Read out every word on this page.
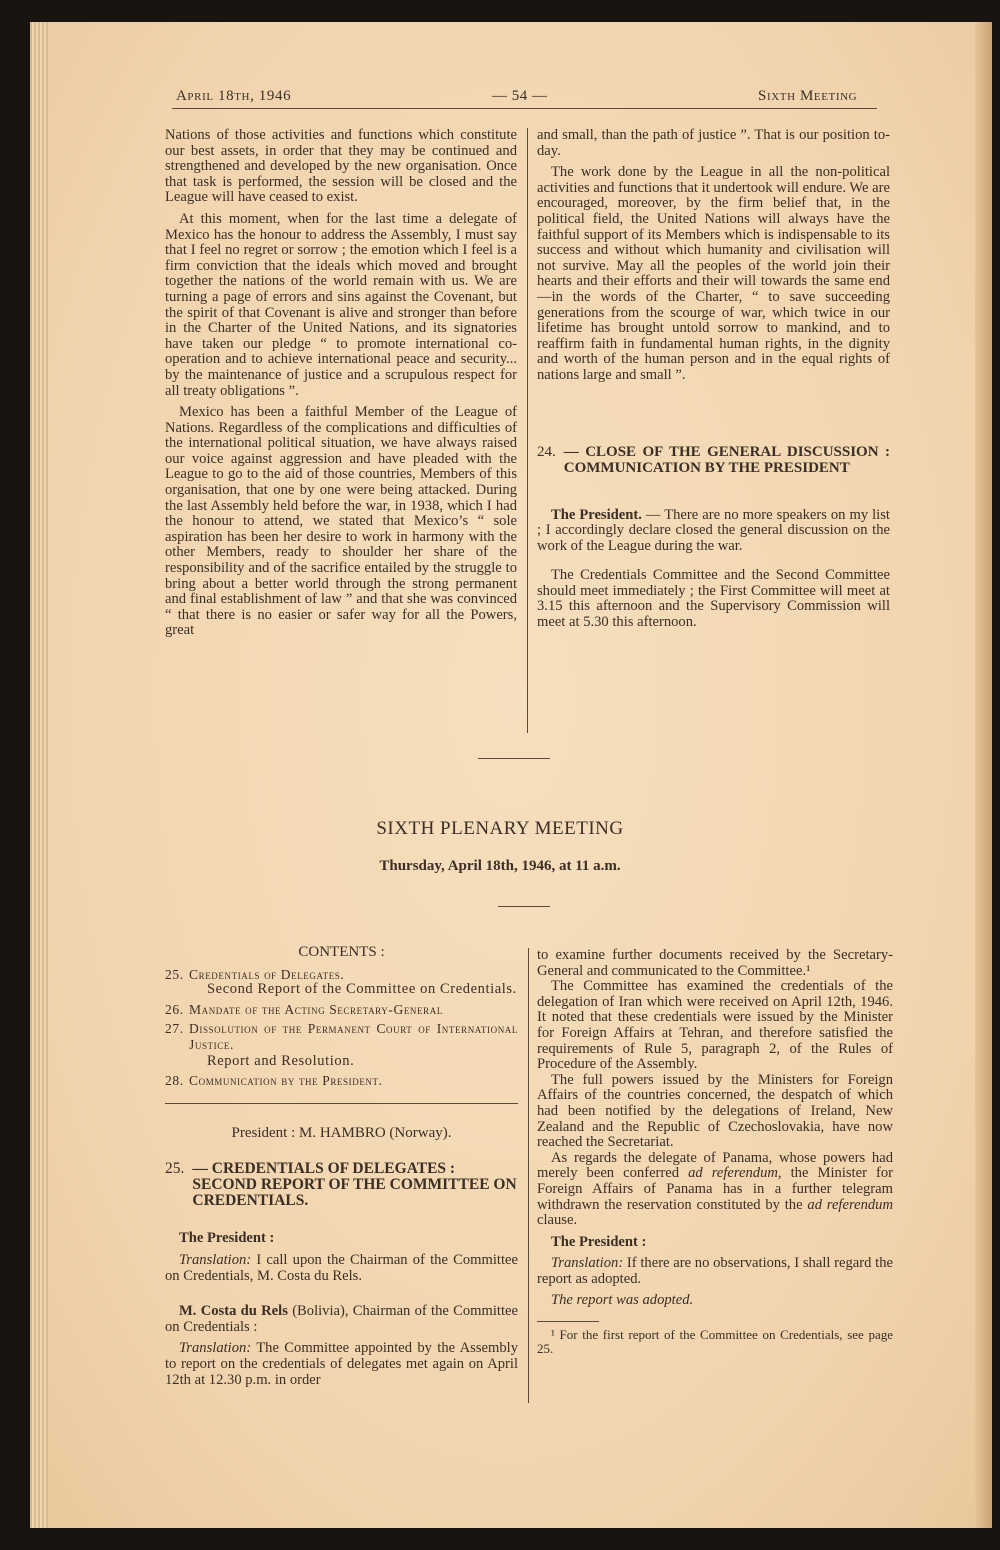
April 18th, 1946	— 54 —	Sixth Meeting

Nations of those activities and functions which constitute our best assets, in order that they may be continued and strengthened and developed by the new organisation. Once that task is performed, the session will be closed and the League will have ceased to exist.

At this moment, when for the last time a delegate of Mexico has the honour to address the Assembly, I must say that I feel no regret or sorrow ; the emotion which I feel is a firm conviction that the ideals which moved and brought together the nations of the world remain with us. We are turning a page of errors and sins against the Covenant, but the spirit of that Covenant is alive and stronger than before in the Charter of the United Nations, and its signatories have taken our pledge “ to promote international co-operation and to achieve international peace and security... by the maintenance of justice and a scrupulous respect for all treaty obligations ”.

Mexico has been a faithful Member of the League of Nations. Regardless of the complications and difficulties of the international political situation, we have always raised our voice against aggression and have pleaded with the League to go to the aid of those countries, Members of this organisation, that one by one were being attacked. During the last Assembly held before the war, in 1938, which I had the honour to attend, we stated that Mexico’s “ sole aspiration has been her desire to work in harmony with the other Members, ready to shoulder her share of the responsibility and of the sacrifice entailed by the struggle to bring about a better world through the strong permanent and final establishment of law ” and that she was convinced “ that there is no easier or safer way for all the Powers, great

and small, than the path of justice ”. That is our position to-day.

The work done by the League in all the non-political activities and functions that it undertook will endure. We are encouraged, moreover, by the firm belief that, in the political field, the United Nations will always have the faithful support of its Members which is indispensable to its success and without which humanity and civilisation will not survive. May all the peoples of the world join their hearts and their efforts and their will towards the same end—in the words of the Charter, “ to save succeeding generations from the scourge of war, which twice in our lifetime has brought untold sorrow to mankind, and to reaffirm faith in fundamental human rights, in the dignity and worth of the human person and in the equal rights of nations large and small ”.

24. — CLOSE OF THE GENERAL DISCUSSION : COMMUNICATION BY THE PRESIDENT

The President. — There are no more speakers on my list ; I accordingly declare closed the general discussion on the work of the League during the war.

The Credentials Committee and the Second Committee should meet immediately ; the First Committee will meet at 3.15 this afternoon and the Supervisory Commission will meet at 5.30 this afternoon.

SIXTH PLENARY MEETING
Thursday, April 18th, 1946, at 11 a.m.
CONTENTS :
25. Credentials of Delegates.

Second Report of the Committee on Credentials.
26. Mandate of the Acting Secretary-General
27. Dissolution of the Permanent Court of International Justice.
Report and Resolution.
28. Communication by the President.
President : M. HAMBRO (Norway).
25. — CREDENTIALS OF DELEGATES : SECOND REPORT OF THE COMMITTEE ON CREDENTIALS.

The President :

Translation: I call upon the Chairman of the Committee on Credentials, M. Costa du Rels.

M. Costa du Rels (Bolivia), Chairman of the Committee on Credentials :

Translation: The Committee appointed by the Assembly to report on the credentials of delegates met again on April 12th at 12.30 p.m. in order

to examine further documents received by the Secretary-General and communicated to the Committee.¹

The Committee has examined the credentials of the delegation of Iran which were received on April 12th, 1946. It noted that these credentials were issued by the Minister for Foreign Affairs at Tehran, and therefore satisfied the requirements of Rule 5, paragraph 2, of the Rules of Procedure of the Assembly.

The full powers issued by the Ministers for Foreign Affairs of the countries concerned, the despatch of which had been notified by the delegations of Ireland, New Zealand and the Republic of Czechoslovakia, have now reached the Secretariat.

As regards the delegate of Panama, whose powers had merely been conferred ad referendum, the Minister for Foreign Affairs of Panama has in a further telegram withdrawn the reservation constituted by the ad referendum clause.

The President :

Translation: If there are no observations, I shall regard the report as adopted.

The report was adopted.

¹ For the first report of the Committee on Credentials, see page 25.
